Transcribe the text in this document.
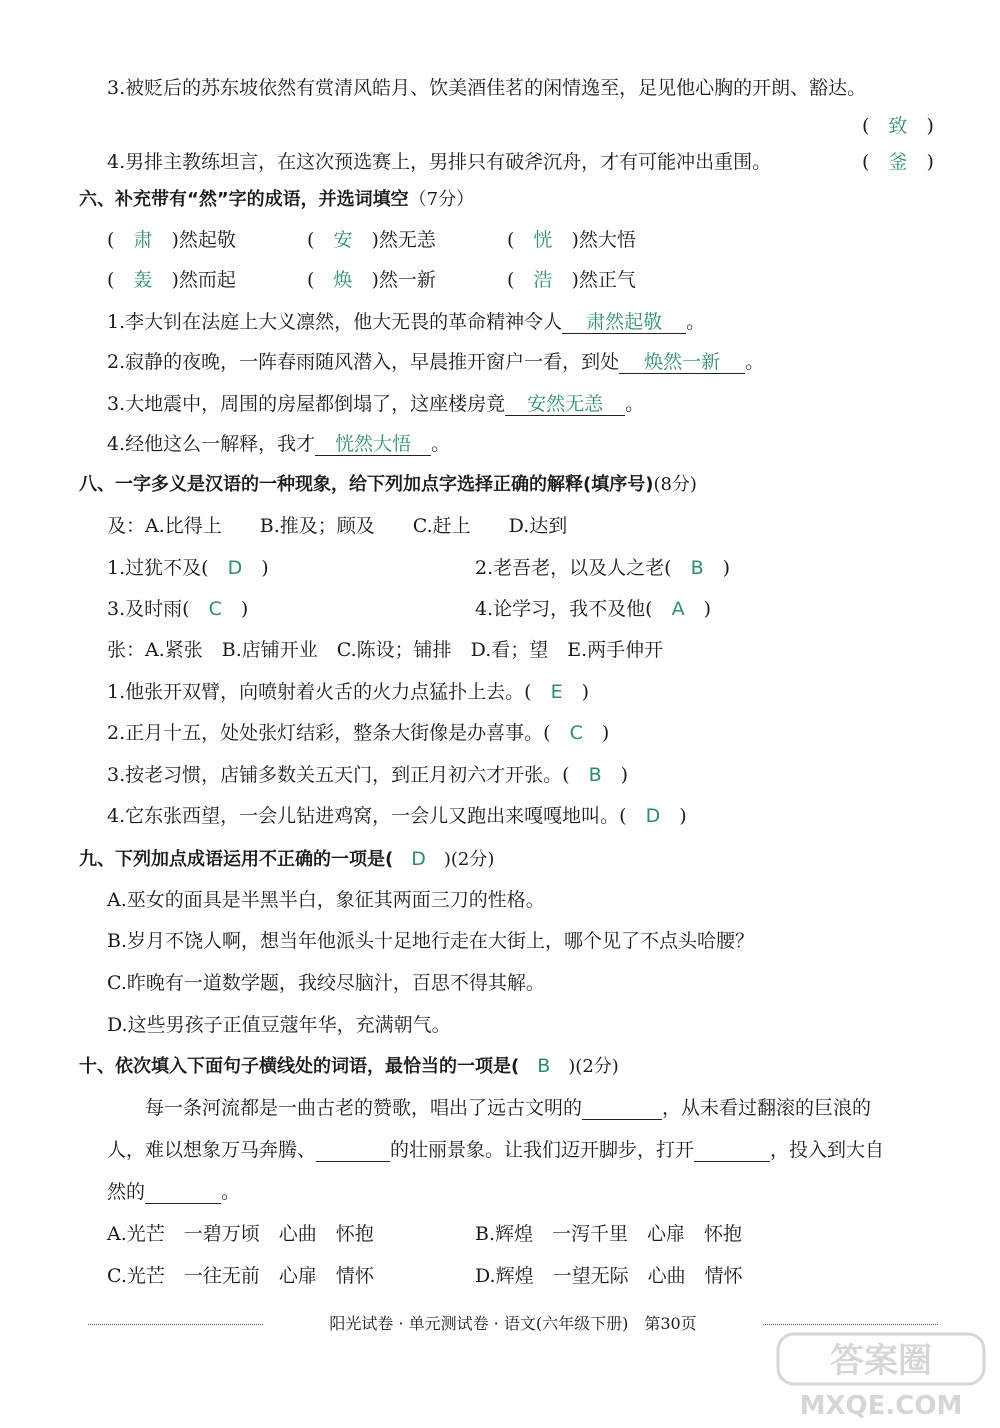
3.被贬后的苏东坡依然有赏清风皓月、饮美酒佳茗的闲情逸至，足见他心胸的开朗、豁达。
(　致　)
4.男排主教练坦言，在这次预选赛上，男排只有破斧沉舟，才有可能冲出重围。	(　釜　)
六、补充带有“然”字的成语，并选词填空（7分）
(　肃　 )然起敬	(　安　 )然无恙	(　恍　 )然大悟
(　轰　 )然而起	(　焕　 )然一新	(　浩　 )然正气
1.李大钊在法庭上大义凛然，他大无畏的革命精神令人 肃然起敬 。
2.寂静的夜晚，一阵春雨随风潜入，早晨推开窗户一看，到处 焕然一新 。
3.大地震中，周围的房屋都倒塌了，这座楼房竟 安然无恙 。
4.经他这么一解释，我才 恍然大悟 。
八、一字多义是汉语的一种现象，给下列加点字选择正确的解释(填序号)(8分)
及：A.比得上　　B.推及；顾及　　C.赶上　　D.达到
1.过犹不及(　 D　)	2.老吾老，以及人之老(　 B　)
3.及时雨(　 C　)	4.论学习，我不及他(　 A　)
张：A.紧张　B.店铺开业　C.陈设；铺排　D.看；望　E.两手伸开
1.他张开双臂，向喷射着火舌的火力点猛扑上去。(　 E　)
2.正月十五，处处张灯结彩，整条大街像是办喜事。(　 C　)
3.按老习惯，店铺多数关五天门，到正月初六才开张。(　 B　)
4.它东张西望，一会儿钻进鸡窝，一会儿又跑出来嘎嘎地叫。(　 D　)
九、下列加点成语运用不正确的一项是(　 D　 )(2分)
A.巫女的面具是半黑半白，象征其两面三刀的性格。
B.岁月不饶人啊，想当年他派头十足地行走在大街上，哪个见了不点头哈腰？
C.昨晚有一道数学题，我绞尽脑汁，百思不得其解。
D.这些男孩子正值豆蔻年华，充满朝气。
十、依次填入下面句子横线处的词语，最恰当的一项是(　 B　 )(2分)
每一条河流都是一曲古老的赞歌，唱出了远古文明的	，从未看过翻滚的巨浪的
人，难以想象万马奔腾、	的壮丽景象。让我们迈开脚步，打开	，投入到大自
然的	。
A.光芒　一碧万顷　心曲　怀抱	B.辉煌　一泻千里　心扉　怀抱
C.光芒　一往无前　心扉　情怀	D.辉煌　一望无际　心曲　情怀
阳光试卷 · 单元测试卷 · 语文(六年级下册)　第30页
答案圈
MXQE.COM
